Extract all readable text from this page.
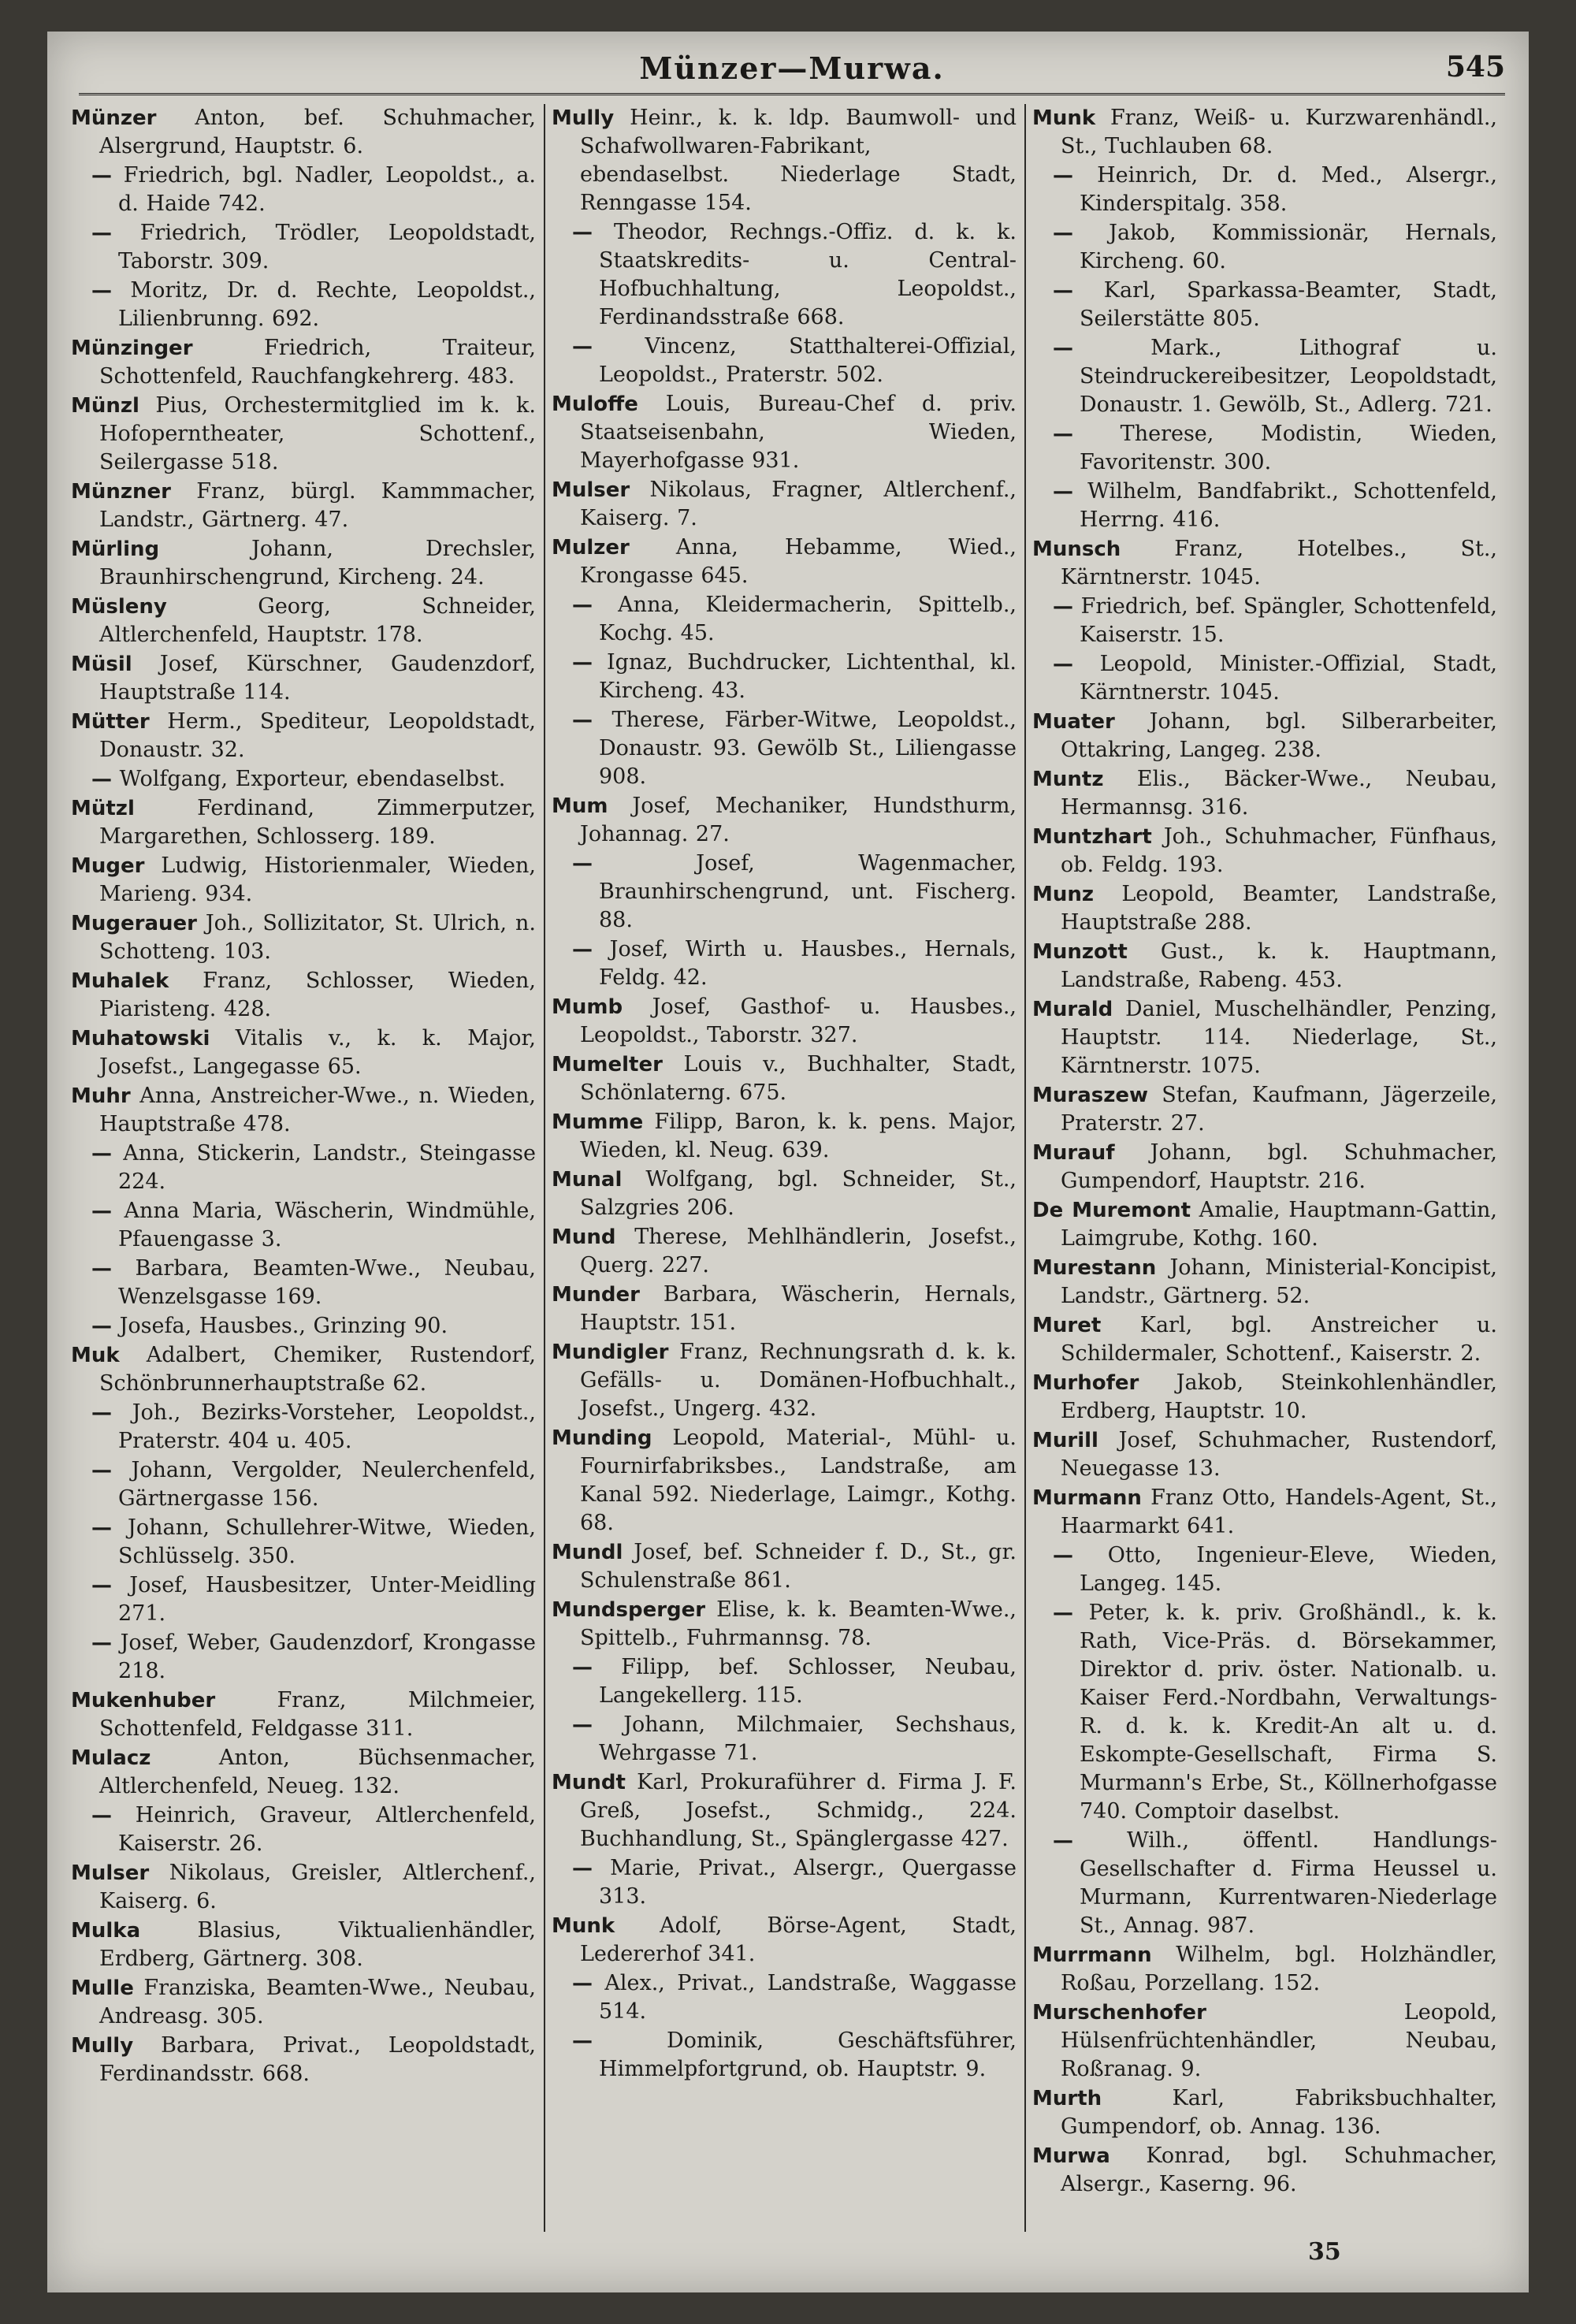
Münzer—Murwa.	545

Münzer Anton, bef. Schuhmacher, Alsergrund, Hauptstr. 6.

— Friedrich, bgl. Nadler, Leopoldst., a. d. Haide 742.

— Friedrich, Trödler, Leopoldstadt, Taborstr. 309.

— Moritz, Dr. d. Rechte, Leopoldst., Lilienbrunng. 692.

Münzinger Friedrich, Traiteur, Schottenfeld, Rauchfangkehrerg. 483.

Münzl Pius, Orchestermitglied im k. k. Hofoperntheater, Schottenf., Seilergasse 518.

Münzner Franz, bürgl. Kammmacher, Landstr., Gärtnerg. 47.

Mürling Johann, Drechsler, Braunhirschengrund, Kircheng. 24.

Müsleny Georg, Schneider, Altlerchenfeld, Hauptstr. 178.

Müsil Josef, Kürschner, Gaudenzdorf, Hauptstraße 114.

Mütter Herm., Spediteur, Leopoldstadt, Donaustr. 32.

— Wolfgang, Exporteur, ebendaselbst.

Mützl Ferdinand, Zimmerputzer, Margarethen, Schlosserg. 189.

Muger Ludwig, Historienmaler, Wieden, Marieng. 934.

Mugerauer Joh., Sollizitator, St. Ulrich, n. Schotteng. 103.

Muhalek Franz, Schlosser, Wieden, Piaristeng. 428.

Muhatowski Vitalis v., k. k. Major, Josefst., Langegasse 65.

Muhr Anna, Anstreicher-Wwe., n. Wieden, Hauptstraße 478.

— Anna, Stickerin, Landstr., Steingasse 224.

— Anna Maria, Wäscherin, Windmühle, Pfauengasse 3.

— Barbara, Beamten-Wwe., Neubau, Wenzelsgasse 169.

— Josefa, Hausbes., Grinzing 90.

Muk Adalbert, Chemiker, Rustendorf, Schönbrunnerhauptstraße 62.

— Joh., Bezirks-Vorsteher, Leopoldst., Praterstr. 404 u. 405.

— Johann, Vergolder, Neulerchenfeld, Gärtnergasse 156.

— Johann, Schullehrer-Witwe, Wieden, Schlüsselg. 350.

— Josef, Hausbesitzer, Unter-Meidling 271.

— Josef, Weber, Gaudenzdorf, Krongasse 218.

Mukenhuber Franz, Milchmeier, Schottenfeld, Feldgasse 311.

Mulacz Anton, Büchsenmacher, Altlerchenfeld, Neueg. 132.

— Heinrich, Graveur, Altlerchenfeld, Kaiserstr. 26.

Mulser Nikolaus, Greisler, Altlerchenf., Kaiserg. 6.

Mulka Blasius, Viktualienhändler, Erdberg, Gärtnerg. 308.

Mulle Franziska, Beamten-Wwe., Neubau, Andreasg. 305.

Mully Barbara, Privat., Leopoldstadt, Ferdinandsstr. 668.

Mully Heinr., k. k. ldp. Baumwoll- und Schafwollwaren-Fabrikant, ebendaselbst. Niederlage Stadt, Renngasse 154.

— Theodor, Rechngs.-Offiz. d. k. k. Staatskredits- u. Central-Hofbuchhaltung, Leopoldst., Ferdinandsstraße 668.

— Vincenz, Statthalterei-Offizial, Leopoldst., Praterstr. 502.

Muloffe Louis, Bureau-Chef d. priv. Staatseisenbahn, Wieden, Mayerhofgasse 931.

Mulser Nikolaus, Fragner, Altlerchenf., Kaiserg. 7.

Mulzer Anna, Hebamme, Wied., Krongasse 645.

— Anna, Kleidermacherin, Spittelb., Kochg. 45.

— Ignaz, Buchdrucker, Lichtenthal, kl. Kircheng. 43.

— Therese, Färber-Witwe, Leopoldst., Donaustr. 93. Gewölb St., Liliengasse 908.

Mum Josef, Mechaniker, Hundsthurm, Johannag. 27.

— Josef, Wagenmacher, Braunhirschengrund, unt. Fischerg. 88.

— Josef, Wirth u. Hausbes., Hernals, Feldg. 42.

Mumb Josef, Gasthof- u. Hausbes., Leopoldst., Taborstr. 327.

Mumelter Louis v., Buchhalter, Stadt, Schönlaterng. 675.

Mumme Filipp, Baron, k. k. pens. Major, Wieden, kl. Neug. 639.

Munal Wolfgang, bgl. Schneider, St., Salzgries 206.

Mund Therese, Mehlhändlerin, Josefst., Querg. 227.

Munder Barbara, Wäscherin, Hernals, Hauptstr. 151.

Mundigler Franz, Rechnungsrath d. k. k. Gefälls- u. Domänen-Hofbuchhalt., Josefst., Ungerg. 432.

Munding Leopold, Material-, Mühl- u. Fournirfabriksbes., Landstraße, am Kanal 592. Niederlage, Laimgr., Kothg. 68.

Mundl Josef, bef. Schneider f. D., St., gr. Schulenstraße 861.

Mundsperger Elise, k. k. Beamten-Wwe., Spittelb., Fuhrmannsg. 78.

— Filipp, bef. Schlosser, Neubau, Langekellerg. 115.

— Johann, Milchmaier, Sechshaus, Wehrgasse 71.

Mundt Karl, Prokuraführer d. Firma J. F. Greß, Josefst., Schmidg., 224. Buchhandlung, St., Spänglergasse 427.

— Marie, Privat., Alsergr., Quergasse 313.

Munk Adolf, Börse-Agent, Stadt, Ledererhof 341.

— Alex., Privat., Landstraße, Waggasse 514.

— Dominik, Geschäftsführer, Himmelpfortgrund, ob. Hauptstr. 9.

Munk Franz, Weiß- u. Kurzwarenhändl., St., Tuchlauben 68.

— Heinrich, Dr. d. Med., Alsergr., Kinderspitalg. 358.

— Jakob, Kommissionär, Hernals, Kircheng. 60.

— Karl, Sparkassa-Beamter, Stadt, Seilerstätte 805.

— Mark., Lithograf u. Steindruckereibesitzer, Leopoldstadt, Donaustr. 1. Gewölb, St., Adlerg. 721.

— Therese, Modistin, Wieden, Favoritenstr. 300.

— Wilhelm, Bandfabrikt., Schottenfeld, Herrng. 416.

Munsch Franz, Hotelbes., St., Kärntnerstr. 1045.

— Friedrich, bef. Spängler, Schottenfeld, Kaiserstr. 15.

— Leopold, Minister.-Offizial, Stadt, Kärntnerstr. 1045.

Muater Johann, bgl. Silberarbeiter, Ottakring, Langeg. 238.

Muntz Elis., Bäcker-Wwe., Neubau, Hermannsg. 316.

Muntzhart Joh., Schuhmacher, Fünfhaus, ob. Feldg. 193.

Munz Leopold, Beamter, Landstraße, Hauptstraße 288.

Munzott Gust., k. k. Hauptmann, Landstraße, Rabeng. 453.

Murald Daniel, Muschelhändler, Penzing, Hauptstr. 114. Niederlage, St., Kärntnerstr. 1075.

Muraszew Stefan, Kaufmann, Jägerzeile, Praterstr. 27.

Murauf Johann, bgl. Schuhmacher, Gumpendorf, Hauptstr. 216.

De Muremont Amalie, Hauptmann-Gattin, Laimgrube, Kothg. 160.

Murestann Johann, Ministerial-Koncipist, Landstr., Gärtnerg. 52.

Muret Karl, bgl. Anstreicher u. Schildermaler, Schottenf., Kaiserstr. 2.

Murhofer Jakob, Steinkohlenhändler, Erdberg, Hauptstr. 10.

Murill Josef, Schuhmacher, Rustendorf, Neuegasse 13.

Murmann Franz Otto, Handels-Agent, St., Haarmarkt 641.

— Otto, Ingenieur-Eleve, Wieden, Langeg. 145.

— Peter, k. k. priv. Großhändl., k. k. Rath, Vice-Präs. d. Börsekammer, Direktor d. priv. öster. Nationalb. u. Kaiser Ferd.-Nordbahn, Verwaltungs-R. d. k. k. Kredit-An alt u. d. Eskompte-Gesellschaft, Firma S. Murmann's Erbe, St., Köllnerhofgasse 740. Comptoir daselbst.

— Wilh., öffentl. Handlungs-Gesellschafter d. Firma Heussel u. Murmann, Kurrentwaren-Niederlage St., Annag. 987.

Murrmann Wilhelm, bgl. Holzhändler, Roßau, Porzellang. 152.

Murschenhofer Leopold, Hülsenfrüchtenhändler, Neubau, Roßranag. 9.

Murth Karl, Fabriksbuchhalter, Gumpendorf, ob. Annag. 136.

Murwa Konrad, bgl. Schuhmacher, Alsergr., Kaserng. 96.

35
